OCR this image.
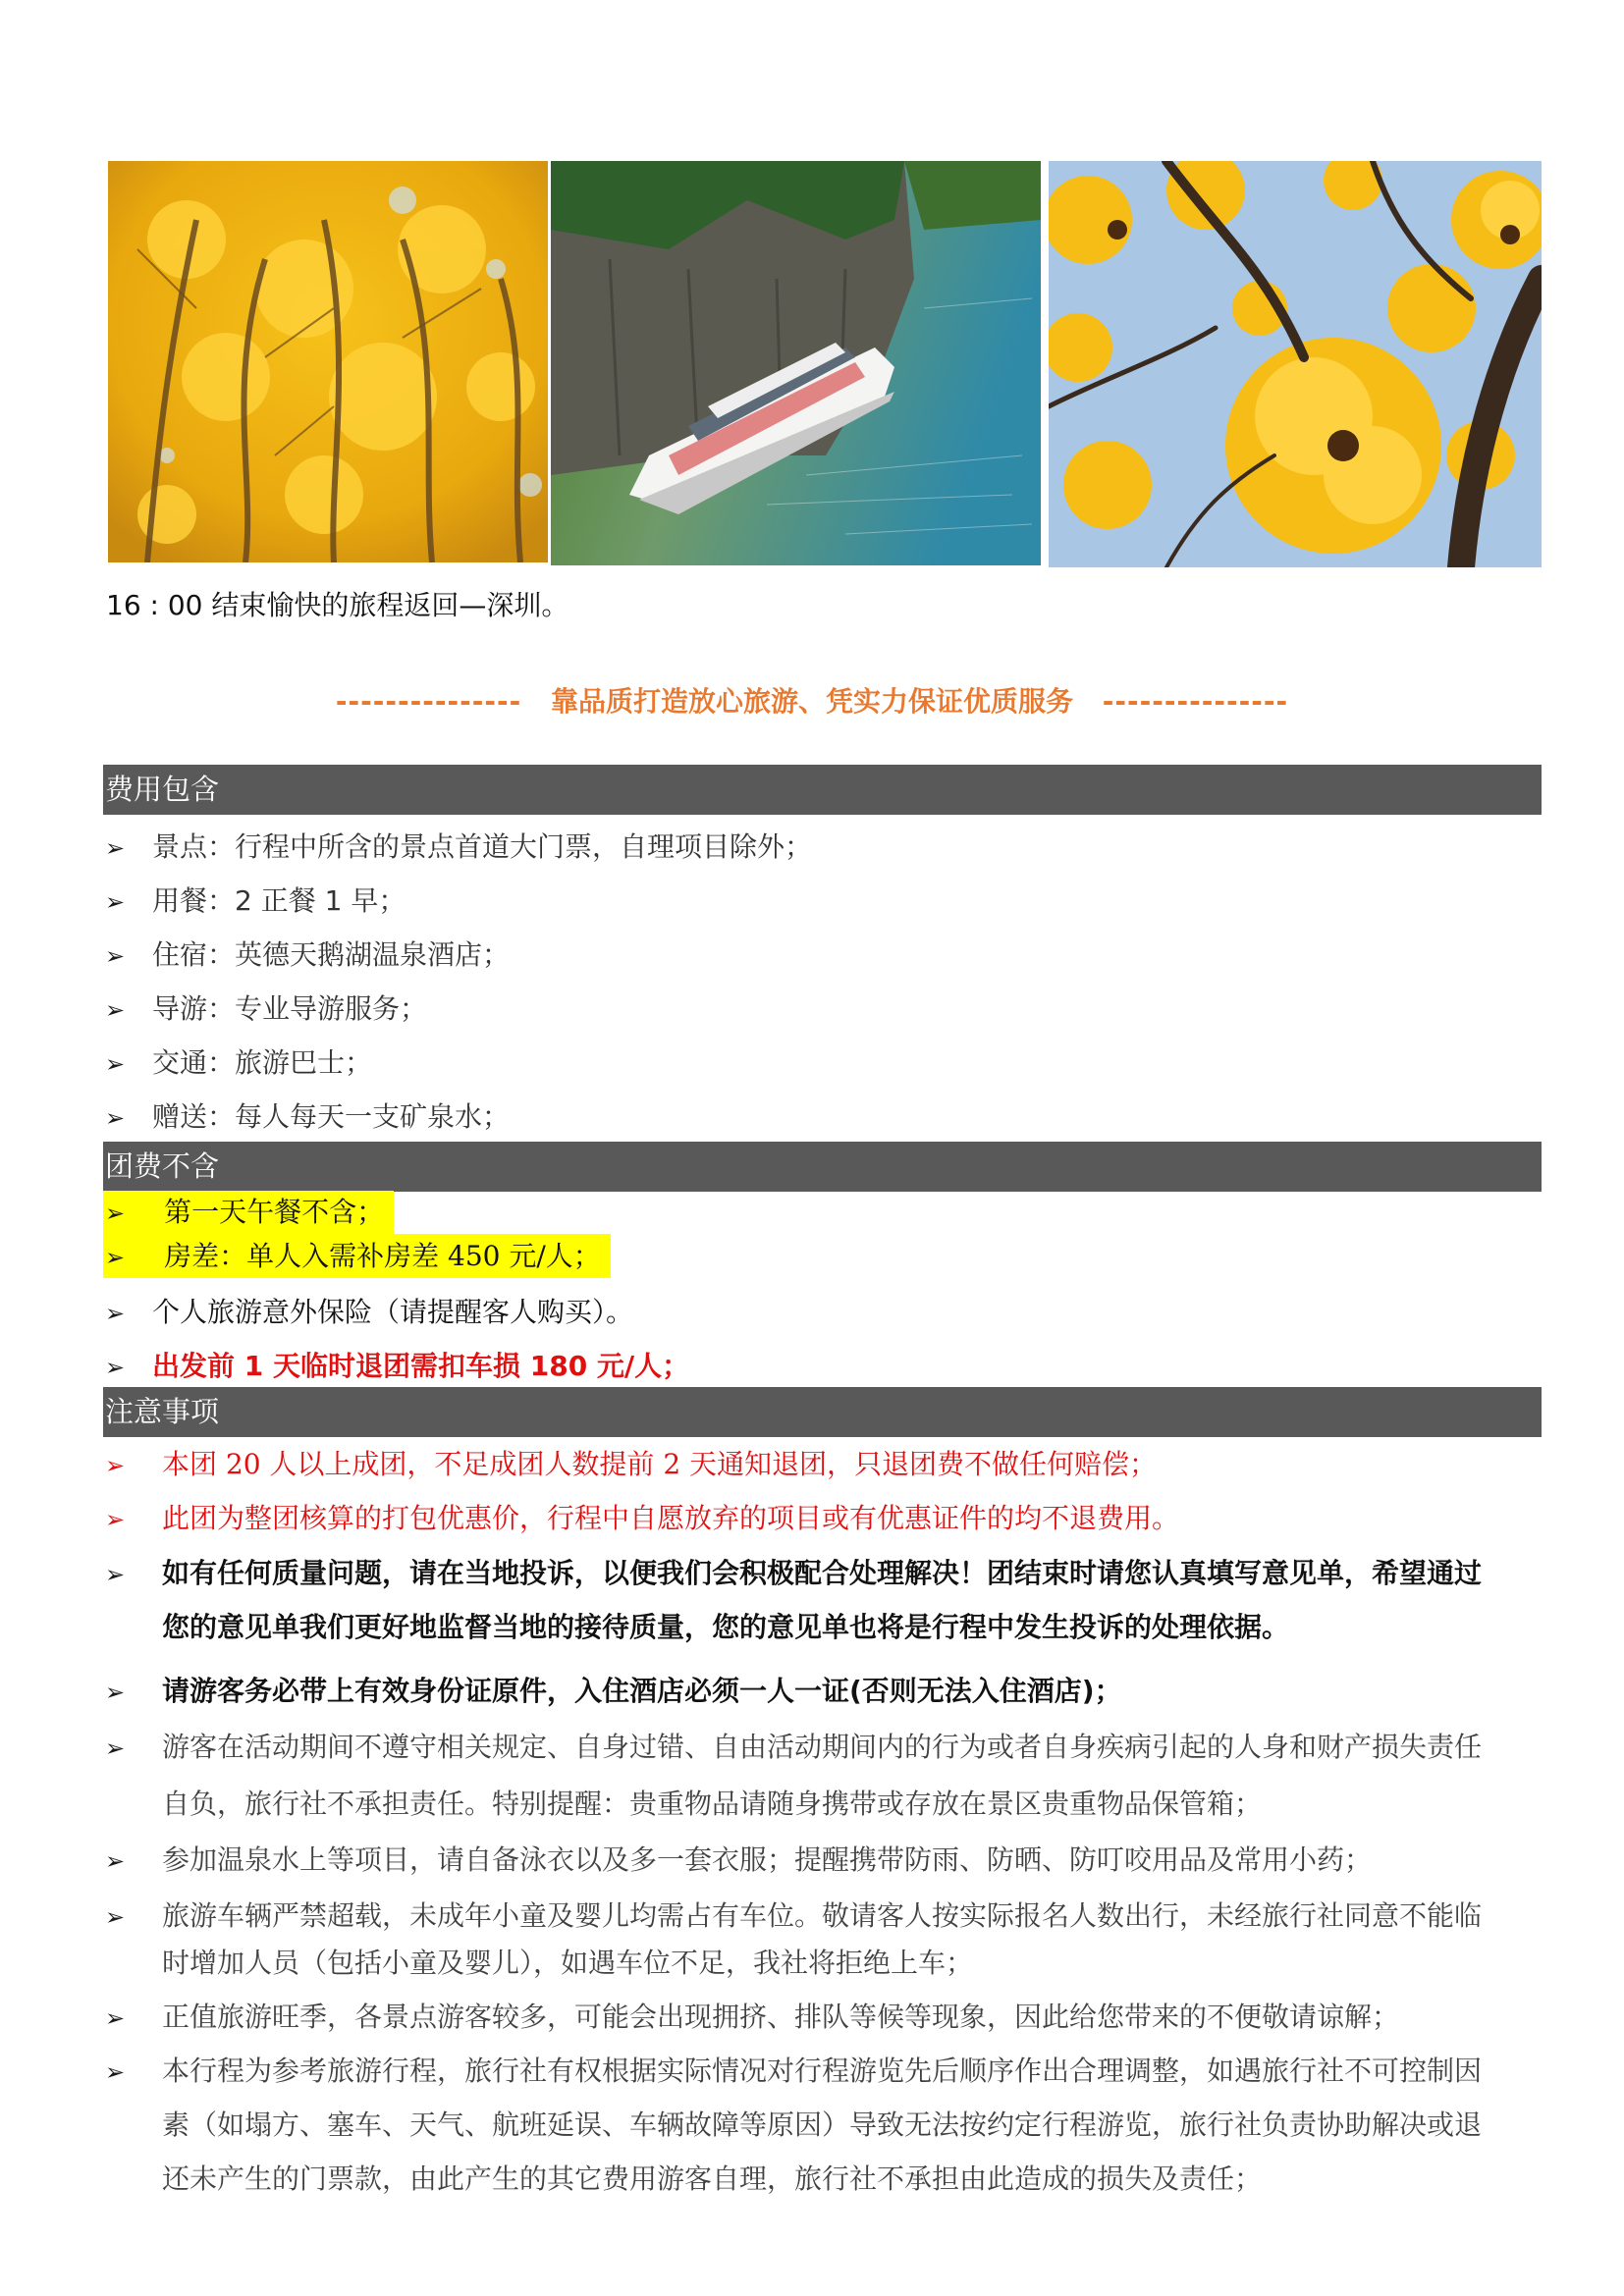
16 : 00 结束愉快的旅程返回—深圳。
--------------- 靠品质打造放心旅游、凭实力保证优质服务 ---------------
费用包含
➢ 景点：行程中所含的景点首道大门票，自理项目除外；
➢ 用餐：2 正餐 1 早；
➢ 住宿：英德天鹅湖温泉酒店；
➢ 导游：专业导游服务；
➢ 交通：旅游巴士；
➢ 赠送：每人每天一支矿泉水；
团费不含
➢ 第一天午餐不含；
➢ 房差：单人入需补房差 450 元/人；
➢ 个人旅游意外保险（请提醒客人购买）。
➢ 出发前 1 天临时退团需扣车损 180 元/人；
注意事项
➢ 本团 20 人以上成团，不足成团人数提前 2 天通知退团，只退团费不做任何赔偿；
➢ 此团为整团核算的打包优惠价，行程中自愿放弃的项目或有优惠证件的均不退费用。
➢ 如有任何质量问题，请在当地投诉，以便我们会积极配合处理解决！团结束时请您认真填写意见单，希望通过
您的意见单我们更好地监督当地的接待质量，您的意见单也将是行程中发生投诉的处理依据。
➢ 请游客务必带上有效身份证原件，入住酒店必须一人一证(否则无法入住酒店)；
➢ 游客在活动期间不遵守相关规定、自身过错、自由活动期间内的行为或者自身疾病引起的人身和财产损失责任
自负，旅行社不承担责任。特别提醒：贵重物品请随身携带或存放在景区贵重物品保管箱；
➢ 参加温泉水上等项目，请自备泳衣以及多一套衣服；提醒携带防雨、防晒、防叮咬用品及常用小药；
➢ 旅游车辆严禁超载，未成年小童及婴儿均需占有车位。敬请客人按实际报名人数出行，未经旅行社同意不能临
时增加人员（包括小童及婴儿），如遇车位不足，我社将拒绝上车；
➢ 正值旅游旺季，各景点游客较多，可能会出现拥挤、排队等候等现象，因此给您带来的不便敬请谅解；
➢ 本行程为参考旅游行程，旅行社有权根据实际情况对行程游览先后顺序作出合理调整，如遇旅行社不可控制因
素（如塌方、塞车、天气、航班延误、车辆故障等原因）导致无法按约定行程游览，旅行社负责协助解决或退
还未产生的门票款，由此产生的其它费用游客自理，旅行社不承担由此造成的损失及责任；
